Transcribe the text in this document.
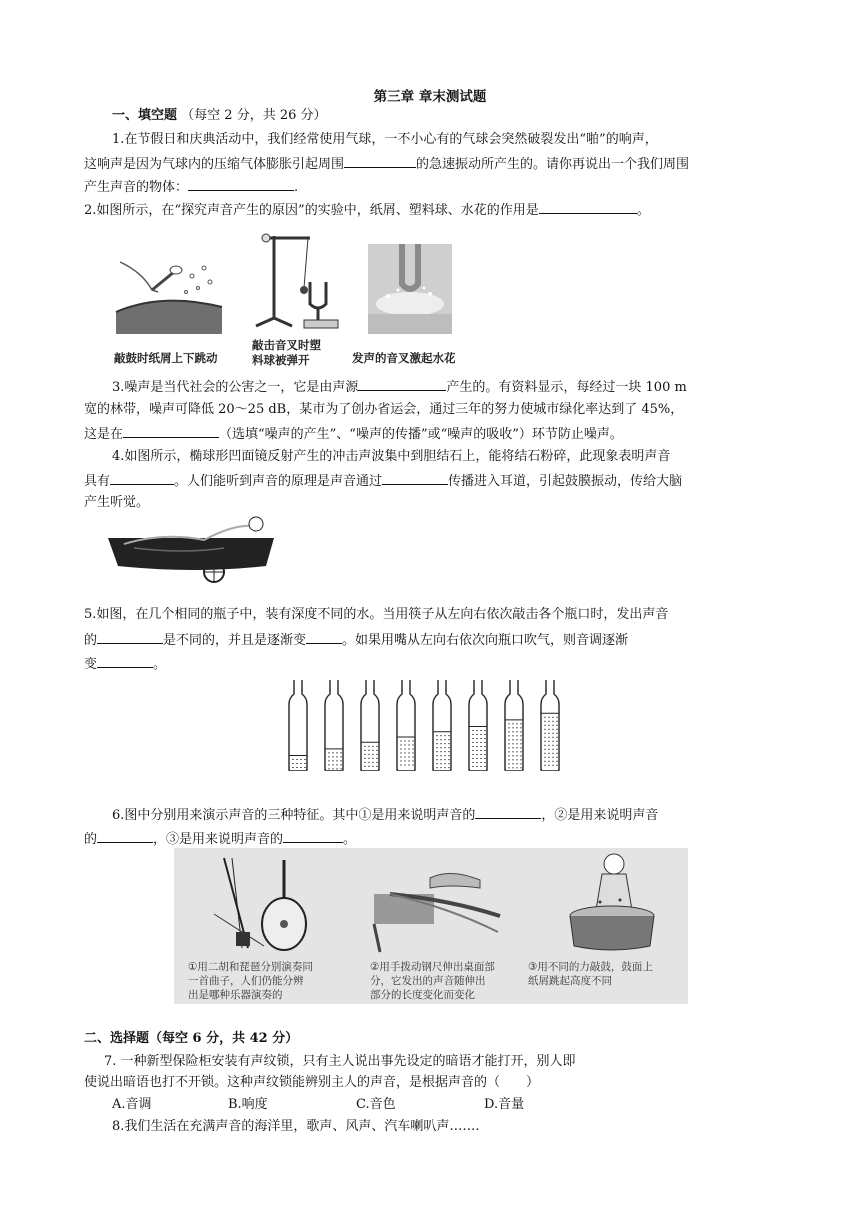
第三章 章末测试题
一、填空题 （每空 2 分，共 26 分）
1.在节假日和庆典活动中，我们经常使用气球，一不小心有的气球会突然破裂发出“啪”的响声，
这响声是因为气球内的压缩气体膨胀引起周围	的急速振动所产生的。请你再说出一个我们周围
产生声音的物体：	.
2.如图所示，在“探究声音产生的原因”的实验中，纸屑、塑料球、水花的作用是	。
敲鼓时纸屑上下跳动
敲击音叉时塑
料球被弹开	发声的音叉激起水花
3.噪声是当代社会的公害之一，它是由声源	产生的。有资料显示，每经过一块 100 m
宽的林带，噪声可降低 20～25 dB，某市为了创办省运会，通过三年的努力使城市绿化率达到了 45%，
这是在	（选填“噪声的产生”、“噪声的传播”或“噪声的吸收”）环节防止噪声。
4.如图所示，椭球形凹面镜反射产生的冲击声波集中到胆结石上，能将结石粉碎，此现象表明声音
具有	。人们能听到声音的原理是声音通过	传播进入耳道，引起鼓膜振动，传给大脑
产生听觉。
5.如图，在几个相同的瓶子中，装有深度不同的水。当用筷子从左向右依次敲击各个瓶口时，发出声音
的	是不同的，并且是逐渐变	。如果用嘴从左向右依次向瓶口吹气，则音调逐渐
变	。
6.图中分别用来演示声音的三种特征。其中①是用来说明声音的	，②是用来说明声音
的	，③是用来说明声音的	。
①用二胡和琵琶分别演奏同
一首曲子，人们仍能分辨
出是哪种乐器演奏的
②用手拨动钢尺伸出桌面部
分，它发出的声音随伸出
部分的长度变化而变化
③用不同的力敲鼓，鼓面上
纸屑跳起高度不同
二、选择题（每空 6 分，共 42 分）
7. 一种新型保险柜安装有声纹锁，只有主人说出事先设定的暗语才能打开，别人即
使说出暗语也打不开锁。这种声纹锁能辨别主人的声音，是根据声音的（　　）
A.音调	B.响度	C.音色	D.音量
8.我们生活在充满声音的海洋里，歌声、风声、汽车喇叭声…….
